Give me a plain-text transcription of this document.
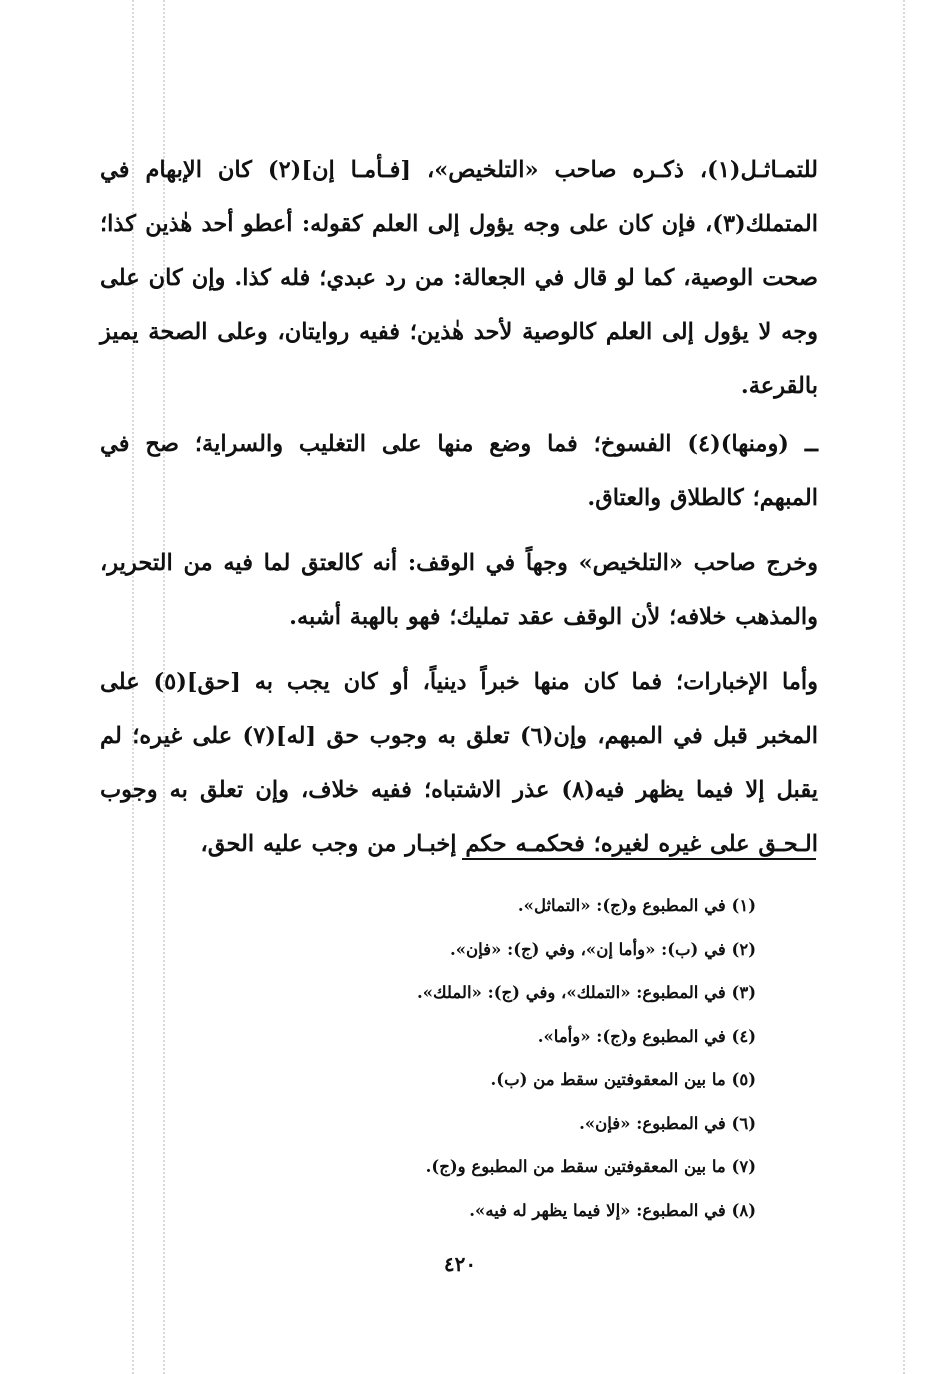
للتمـاثـل(١)، ذكـره صاحب «التلخيص»، [فـأمـا إن](٢) كان الإبهام في المتملك(٣)، فإن كان على وجه يؤول إلى العلم كقوله: أعطو أحد هٰذين كذا؛ صحت الوصية، كما لو قال في الجعالة: من رد عبدي؛ فله كذا. وإن كان على وجه لا يؤول إلى العلم كالوصية لأحد هٰذين؛ ففيه روايتان، وعلى الصحة يميز بالقرعة.

ــ (ومنها)(٤) الفسوخ؛ فما وضع منها على التغليب والسراية؛ صح في المبهم؛ كالطلاق والعتاق.

وخرج صاحب «التلخيص» وجهاً في الوقف: أنه كالعتق لما فيه من التحرير، والمذهب خلافه؛ لأن الوقف عقد تمليك؛ فهو بالهبة أشبه.

وأما الإخبارات؛ فما كان منها خبراً دينياً، أو كان يجب به [حق](٥) على المخبر قبل في المبهم، وإن(٦) تعلق به وجوب حق [له](٧) على غيره؛ لم يقبل إلا فيما يظهر فيه(٨) عذر الاشتباه؛ ففيه خلاف، وإن تعلق به وجوب الـحـق على غيره لغيره؛ فحكمـه حكم إخبـار من وجب عليه الحق،

(١) في المطبوع و(ج): «التماثل».
(٢) في (ب): «وأما إن»، وفي (ج): «فإن».
(٣) في المطبوع: «التملك»، وفي (ج): «الملك».
(٤) في المطبوع و(ج): «وأما».
(٥) ما بين المعقوفتين سقط من (ب).
(٦) في المطبوع: «فإن».
(٧) ما بين المعقوفتين سقط من المطبوع و(ج).
(٨) في المطبوع: «إلا فيما يظهر له فيه».
٤٢٠
